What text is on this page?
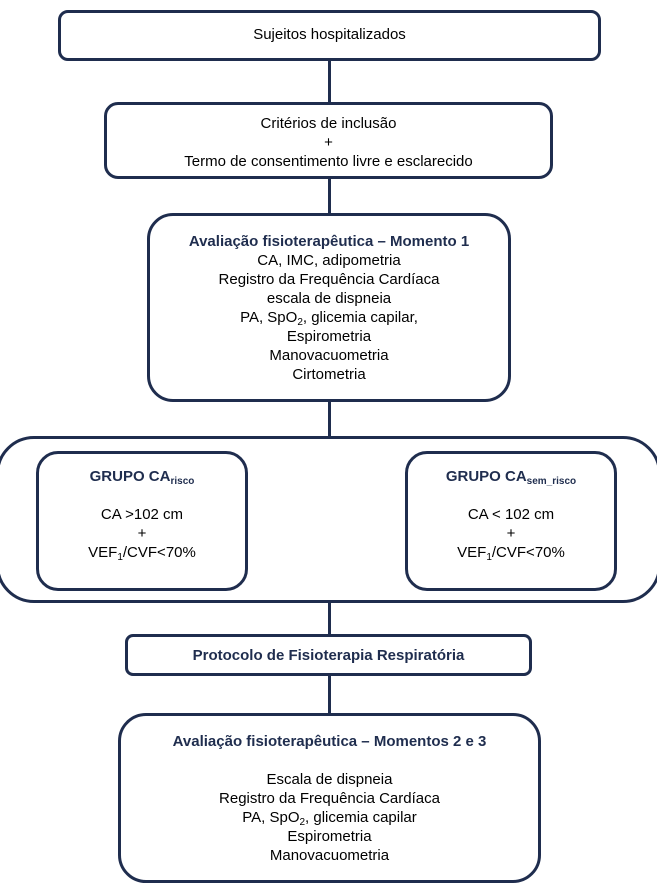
Sujeitos hospitalizados
Critérios de inclusão
+
Termo de consentimento livre e esclarecido
Avaliação fisioterapêutica – Momento 1
CA, IMC, adipometria
Registro da Frequência Cardíaca
escala de dispneia
PA, SpO$_2$, glicemia capilar,
Espirometria
Manovacuometria
Cirtometria
GRUPO $CA_{risco}$
CA >102 cm
+
$VEF_1/CVF<70\%$
GRUPO $CA_{sem\_risco}$
CA < 102 cm
+
$VEF_1/CVF<70\%$
Protocolo de Fisioterapia Respiratória
Avaliação fisioterapêutica – Momentos 2 e 3
Escala de dispneia
Registro da Frequência Cardíaca
PA, SpO$_2$, glicemia capilar
Espirometria
Manovacuometria
